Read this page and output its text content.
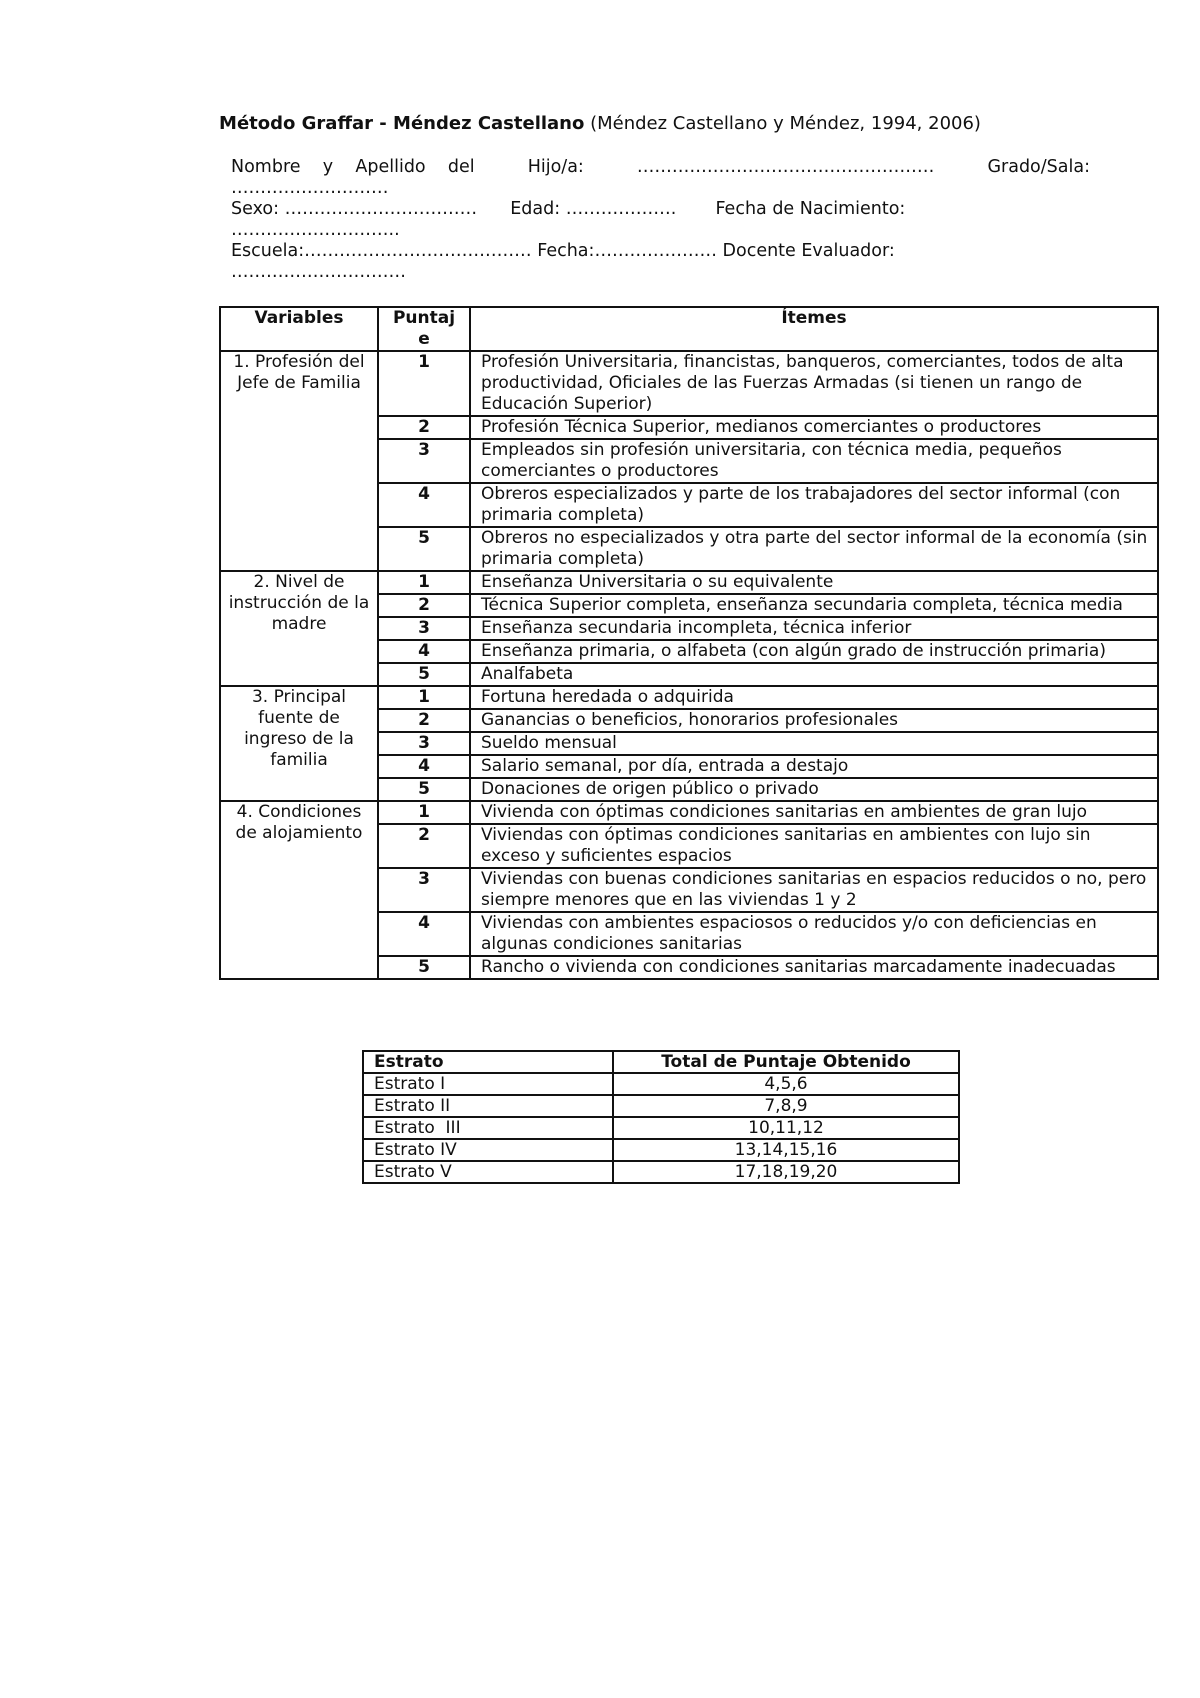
Método Graffar - Méndez Castellano (Méndez Castellano y Méndez, 1994, 2006)
Nombre    y    Apellido    del	Hijo/a:	……………………………………………	Grado/Sala:
………………………
Sexo: …………………………… Edad: ………………. Fecha de Nacimiento:
………………………..
Escuela:………………………………… Fecha:………………… Docente Evaluador:
…………………………
Variables	Puntaj e	Ítemes
1. Profesión del Jefe de Familia	1	Profesión Universitaria, financistas, banqueros, comerciantes, todos de alta productividad, Oficiales de las Fuerzas Armadas (si tienen un rango de Educación Superior)
	2	Profesión Técnica Superior, medianos comerciantes o productores
	3	Empleados sin profesión universitaria, con técnica media, pequeños comerciantes o productores
	4	Obreros especializados y parte de los trabajadores del sector informal (con primaria completa)
	5	Obreros no especializados y otra parte del sector informal de la economía (sin primaria completa)
2. Nivel de instrucción de la madre	1	Enseñanza Universitaria o su equivalente
	2	Técnica Superior completa, enseñanza secundaria completa, técnica media
	3	Enseñanza secundaria incompleta, técnica inferior
	4	Enseñanza primaria, o alfabeta (con algún grado de instrucción primaria)
	5	Analfabeta
3. Principal fuente de ingreso de la familia	1	Fortuna heredada o adquirida
	2	Ganancias o beneficios, honorarios profesionales
	3	Sueldo mensual
	4	Salario semanal, por día, entrada a destajo
	5	Donaciones de origen público o privado
4. Condiciones de alojamiento	1	Vivienda con óptimas condiciones sanitarias en ambientes de gran lujo
	2	Viviendas con óptimas condiciones sanitarias en ambientes con lujo sin exceso y suficientes espacios
	3	Viviendas con buenas condiciones sanitarias en espacios reducidos o no, pero siempre menores que en las viviendas 1 y 2
	4	Viviendas con ambientes espaciosos o reducidos y/o con deficiencias en algunas condiciones sanitarias
	5	Rancho o vivienda con condiciones sanitarias marcadamente inadecuadas
Estrato	Total de Puntaje Obtenido
Estrato I	4,5,6
Estrato II	7,8,9
Estrato  III	10,11,12
Estrato IV	13,14,15,16
Estrato V	17,18,19,20
